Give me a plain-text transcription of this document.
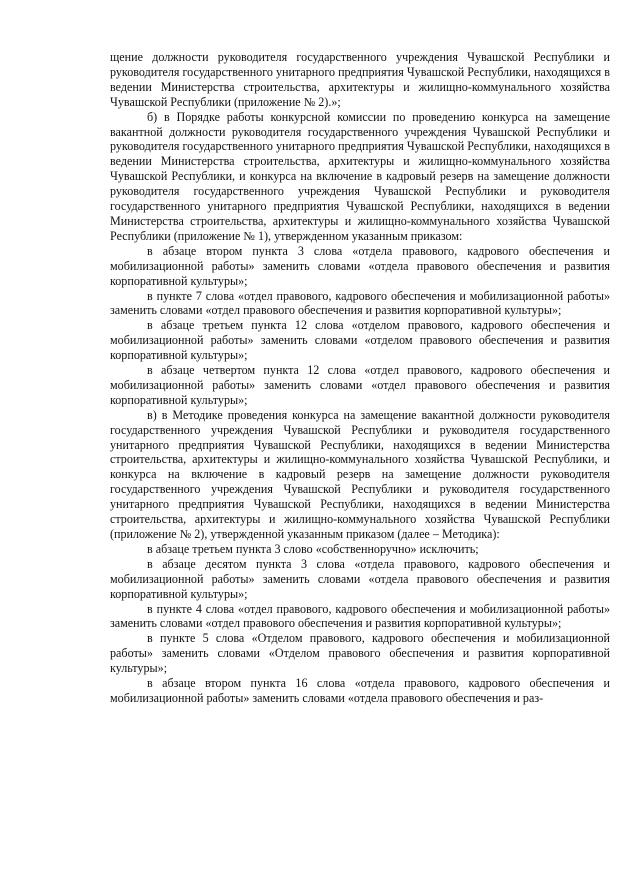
щение должности руководителя государственного учреждения Чувашской Республики и руководителя государственного унитарного предприятия Чувашской Республики, находящихся в ведении Министерства строительства, архитектуры и жилищно-коммунального хозяйства Чувашской Республики (приложение № 2).»;

б) в Порядке работы конкурсной комиссии по проведению конкурса на замещение вакантной должности руководителя государственного учреждения Чувашской Республики и руководителя государственного унитарного предприятия Чувашской Республики, находящихся в ведении Министерства строительства, архитектуры и жилищно-коммунального хозяйства Чувашской Республики, и конкурса на включение в кадровый резерв на замещение должности руководителя государственного учреждения Чувашской Республики и руководителя государственного унитарного предприятия Чувашской Республики, находящихся в ведении Министерства строительства, архитектуры и жилищно-коммунального хозяйства Чувашской Республики (приложение № 1), утвержденном указанным приказом:

в абзаце втором пункта 3 слова «отдела правового, кадрового обеспечения и мобилизационной работы» заменить словами «отдела правового обеспечения и развития корпоративной культуры»;

в пункте 7 слова «отдел правового, кадрового обеспечения и мобилизационной работы» заменить словами «отдел правового обеспечения и развития корпоративной культуры»;

в абзаце третьем пункта 12 слова «отделом правового, кадрового обеспечения и мобилизационной работы» заменить словами «отделом правового обеспечения и развития корпоративной культуры»;

в абзаце четвертом пункта 12 слова «отдел правового, кадрового обеспечения и мобилизационной работы» заменить словами «отдел правового обеспечения и развития корпоративной культуры»;

в) в Методике проведения конкурса на замещение вакантной должности руководителя государственного учреждения Чувашской Республики и руководителя государственного унитарного предприятия Чувашской Республики, находящихся в ведении Министерства строительства, архитектуры и жилищно-коммунального хозяйства Чувашской Республики, и конкурса на включение в кадровый резерв на замещение должности руководителя государственного учреждения Чувашской Республики и руководителя государственного унитарного предприятия Чувашской Республики, находящихся в ведении Министерства строительства, архитектуры и жилищно-коммунального хозяйства Чувашской Республики (приложение № 2), утвержденной указанным приказом (далее – Методика):

в абзаце третьем пункта 3 слово «собственноручно» исключить;

в абзаце десятом пункта 3 слова «отдела правового, кадрового обеспечения и мобилизационной работы» заменить словами «отдела правового обеспечения и развития корпоративной культуры»;

в пункте 4 слова «отдел правового, кадрового обеспечения и мобилизационной работы» заменить словами «отдел правового обеспечения и развития корпоративной культуры»;

в пункте 5 слова «Отделом правового, кадрового обеспечения и мобилизационной работы» заменить словами «Отделом правового обеспечения и развития корпоративной культуры»;

в абзаце втором пункта 16 слова «отдела правового, кадрового обеспечения и мобилизационной работы» заменить словами «отдела правового обеспечения и раз-
